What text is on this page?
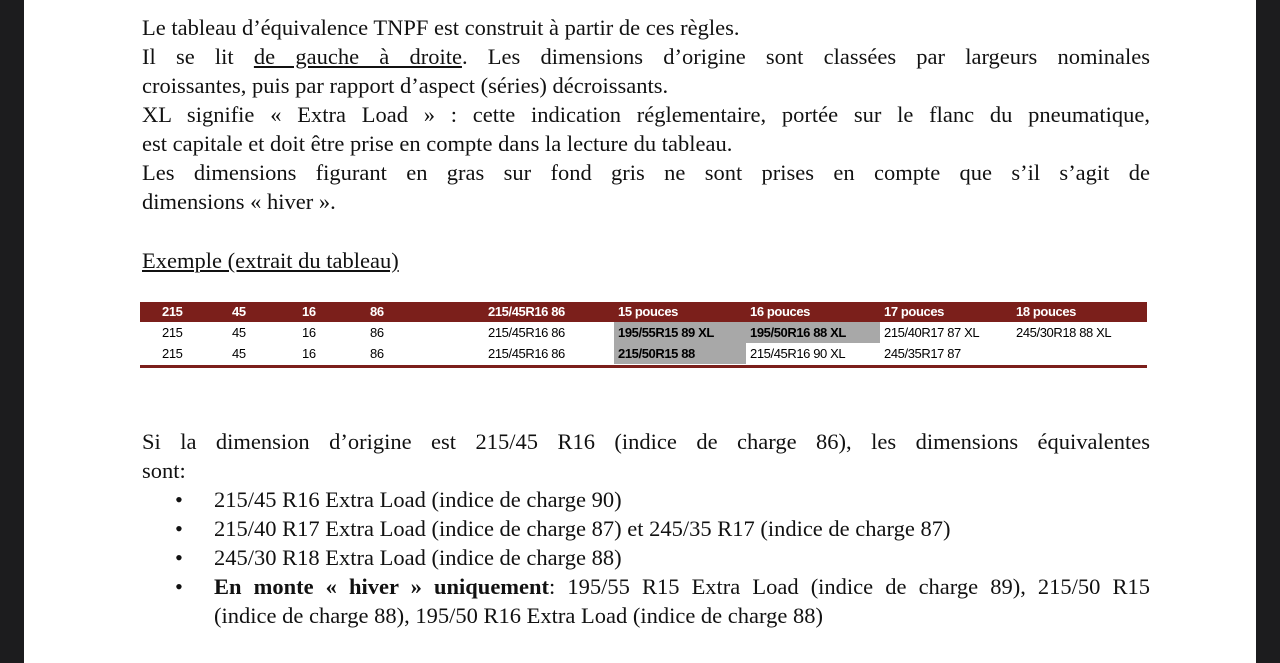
Le tableau d’équivalence TNPF est construit à partir de ces règles.
Il se lit de gauche à droite. Les dimensions d’origine sont classées par largeurs nominales
croissantes, puis par rapport d’aspect (séries) décroissants.
XL signifie « Extra Load » : cette indication réglementaire, portée sur le flanc du pneumatique,
est capitale et doit être prise en compte dans la lecture du tableau.
Les dimensions figurant en gras sur fond gris ne sont prises en compte que s’il s’agit de
dimensions « hiver ».
Exemple (extrait du tableau)
215	45	16	86	215/45R16 86	15 pouces	16 pouces	17 pouces	18 pouces
215	45	16	86	215/45R16 86	195/55R15 89 XL	195/50R16 88 XL	215/40R17 87 XL	245/30R18 88 XL
215	45	16	86	215/45R16 86	215/50R15 88	215/45R16 90 XL	245/35R17 87
Si la dimension d’origine est 215/45 R16 (indice de charge 86), les dimensions équivalentes
sont:
• 215/45 R16 Extra Load (indice de charge 90)
• 215/40 R17 Extra Load (indice de charge 87) et 245/35 R17 (indice de charge 87)
• 245/30 R18 Extra Load (indice de charge 88)
• En monte « hiver » uniquement: 195/55 R15 Extra Load (indice de charge 89), 215/50 R15
(indice de charge 88), 195/50 R16 Extra Load (indice de charge 88)
